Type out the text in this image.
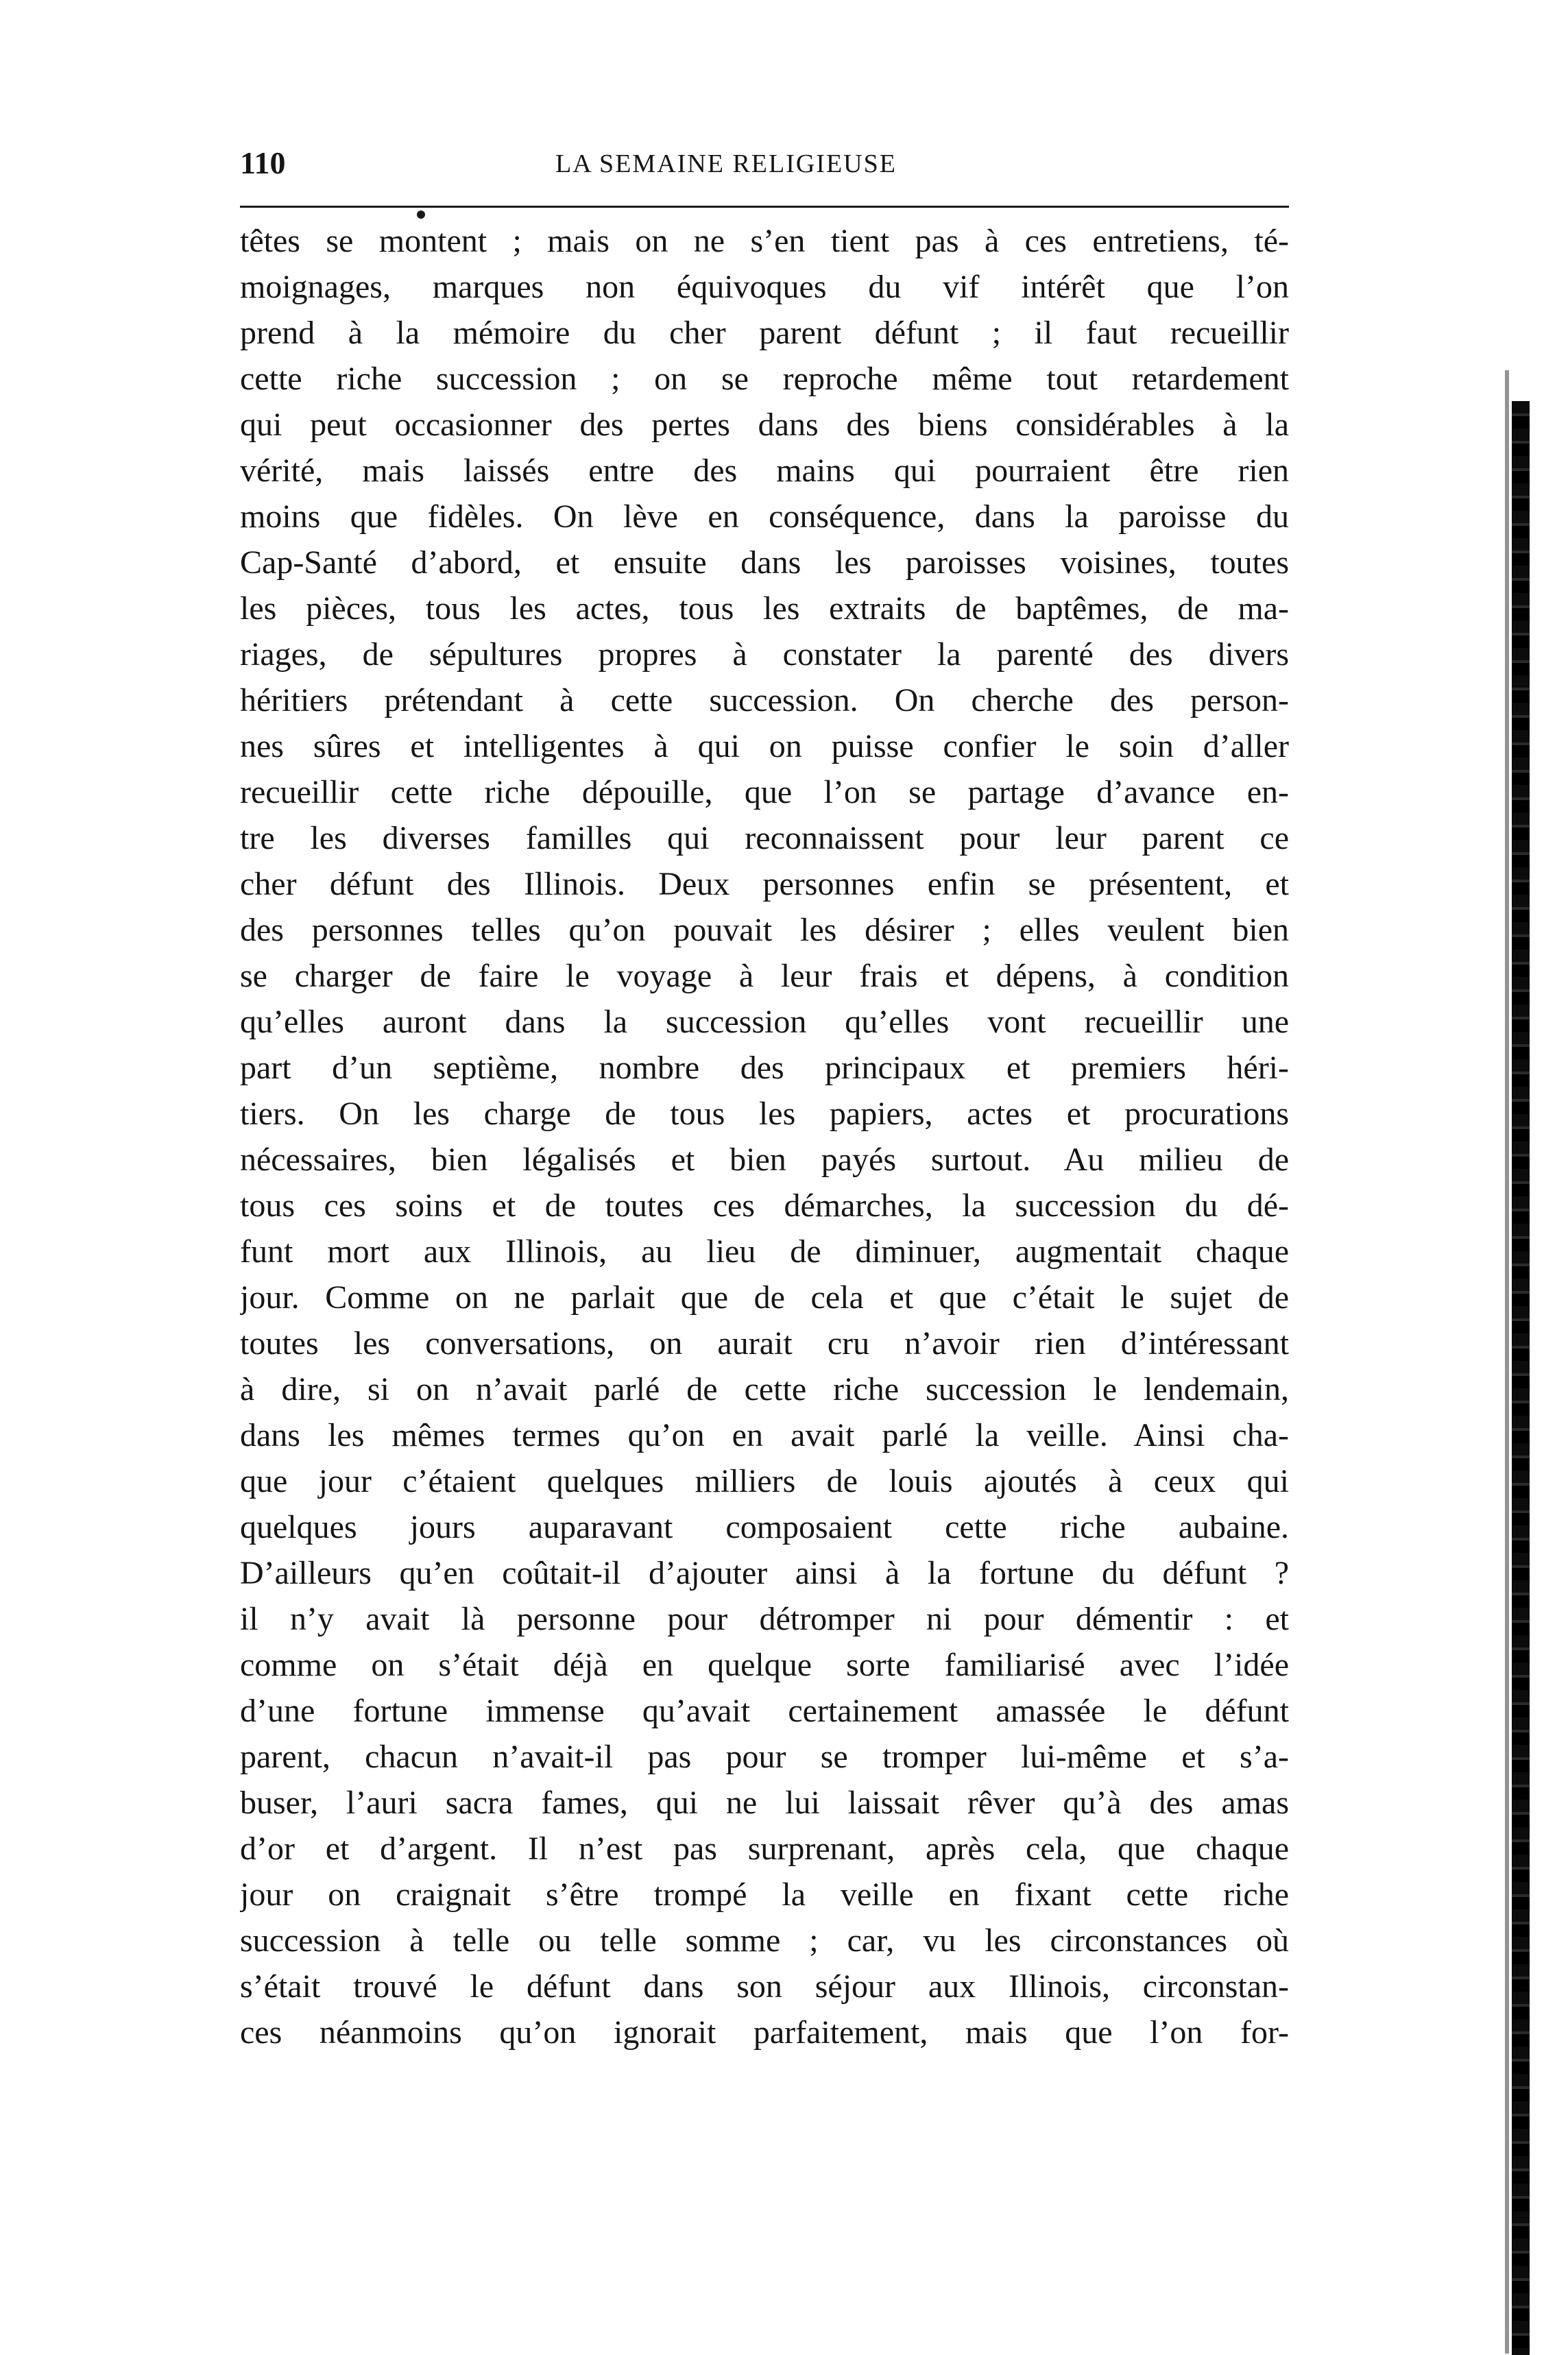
110	LA SEMAINE RELIGIEUSE
têtes se montent ; mais on ne s’en tient pas à ces entretiens, té-
moignages, marques non équivoques du vif intérêt que l’on
prend à la mémoire du cher parent défunt ; il faut recueillir
cette riche succession ; on se reproche même tout retardement
qui peut occasionner des pertes dans des biens considérables à la
vérité, mais laissés entre des mains qui pourraient être rien
moins que fidèles. On lève en conséquence, dans la paroisse du
Cap-Santé d’abord, et ensuite dans les paroisses voisines, toutes
les pièces, tous les actes, tous les extraits de baptêmes, de ma-
riages, de sépultures propres à constater la parenté des divers
héritiers prétendant à cette succession. On cherche des person-
nes sûres et intelligentes à qui on puisse confier le soin d’aller
recueillir cette riche dépouille, que l’on se partage d’avance en-
tre les diverses familles qui reconnaissent pour leur parent ce
cher défunt des Illinois. Deux personnes enfin se présentent, et
des personnes telles qu’on pouvait les désirer ; elles veulent bien
se charger de faire le voyage à leur frais et dépens, à condition
qu’elles auront dans la succession qu’elles vont recueillir une
part d’un septième, nombre des principaux et premiers héri-
tiers. On les charge de tous les papiers, actes et procurations
nécessaires, bien légalisés et bien payés surtout. Au milieu de
tous ces soins et de toutes ces démarches, la succession du dé-
funt mort aux Illinois, au lieu de diminuer, augmentait chaque
jour. Comme on ne parlait que de cela et que c’était le sujet de
toutes les conversations, on aurait cru n’avoir rien d’intéressant
à dire, si on n’avait parlé de cette riche succession le lendemain,
dans les mêmes termes qu’on en avait parlé la veille. Ainsi cha-
que jour c’étaient quelques milliers de louis ajoutés à ceux qui
quelques jours auparavant composaient cette riche aubaine.
D’ailleurs qu’en coûtait-il d’ajouter ainsi à la fortune du défunt ?
il n’y avait là personne pour détromper ni pour démentir : et
comme on s’était déjà en quelque sorte familiarisé avec l’idée
d’une fortune immense qu’avait certainement amassée le défunt
parent, chacun n’avait-il pas pour se tromper lui-même et s’a-
buser, l’auri sacra fames, qui ne lui laissait rêver qu’à des amas
d’or et d’argent. Il n’est pas surprenant, après cela, que chaque
jour on craignait s’être trompé la veille en fixant cette riche
succession à telle ou telle somme ; car, vu les circonstances où
s’était trouvé le défunt dans son séjour aux Illinois, circonstan-
ces néanmoins qu’on ignorait parfaitement, mais que l’on for-
